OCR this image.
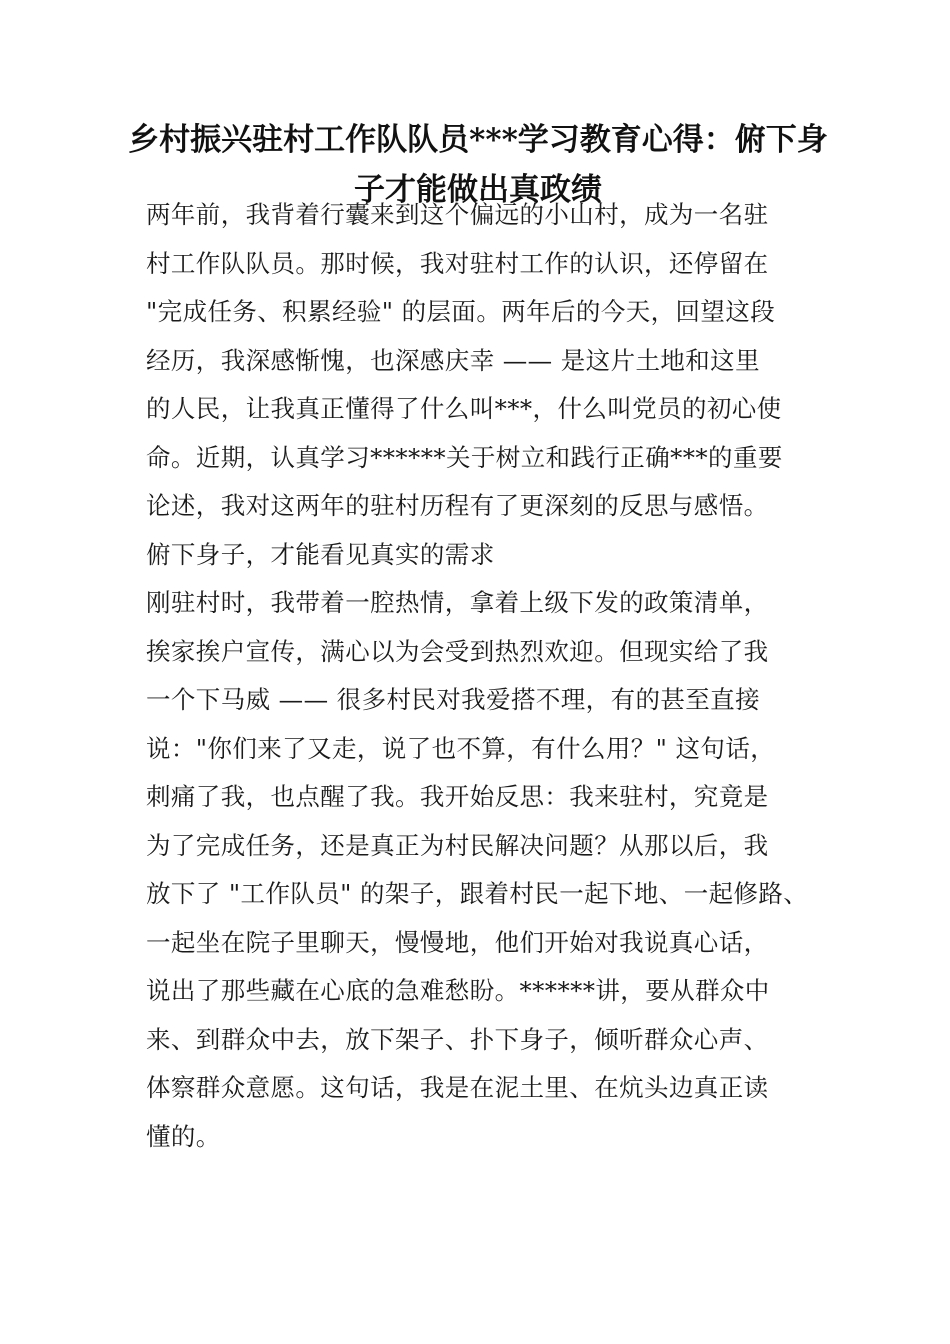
乡村振兴驻村工作队队员***学习教育心得：俯下身
子才能做出真政绩
两年前，我背着行囊来到这个偏远的小山村，成为一名驻
村工作队队员。那时候，我对驻村工作的认识，还停留在
"完成任务、积累经验" 的层面。两年后的今天，回望这段
经历，我深感惭愧，也深感庆幸 —— 是这片土地和这里
的人民，让我真正懂得了什么叫***，什么叫党员的初心使
命。近期，认真学习******关于树立和践行正确***的重要
论述，我对这两年的驻村历程有了更深刻的反思与感悟。
俯下身子，才能看见真实的需求
刚驻村时，我带着一腔热情，拿着上级下发的政策清单，
挨家挨户宣传，满心以为会受到热烈欢迎。但现实给了我
一个下马威 —— 很多村民对我爱搭不理，有的甚至直接
说："你们来了又走，说了也不算，有什么用？" 这句话，
刺痛了我，也点醒了我。我开始反思：我来驻村，究竟是
为了完成任务，还是真正为村民解决问题？从那以后，我
放下了 "工作队员" 的架子，跟着村民一起下地、一起修路、
一起坐在院子里聊天，慢慢地，他们开始对我说真心话，
说出了那些藏在心底的急难愁盼。******讲，要从群众中
来、到群众中去，放下架子、扑下身子，倾听群众心声、
体察群众意愿。这句话，我是在泥土里、在炕头边真正读
懂的。
